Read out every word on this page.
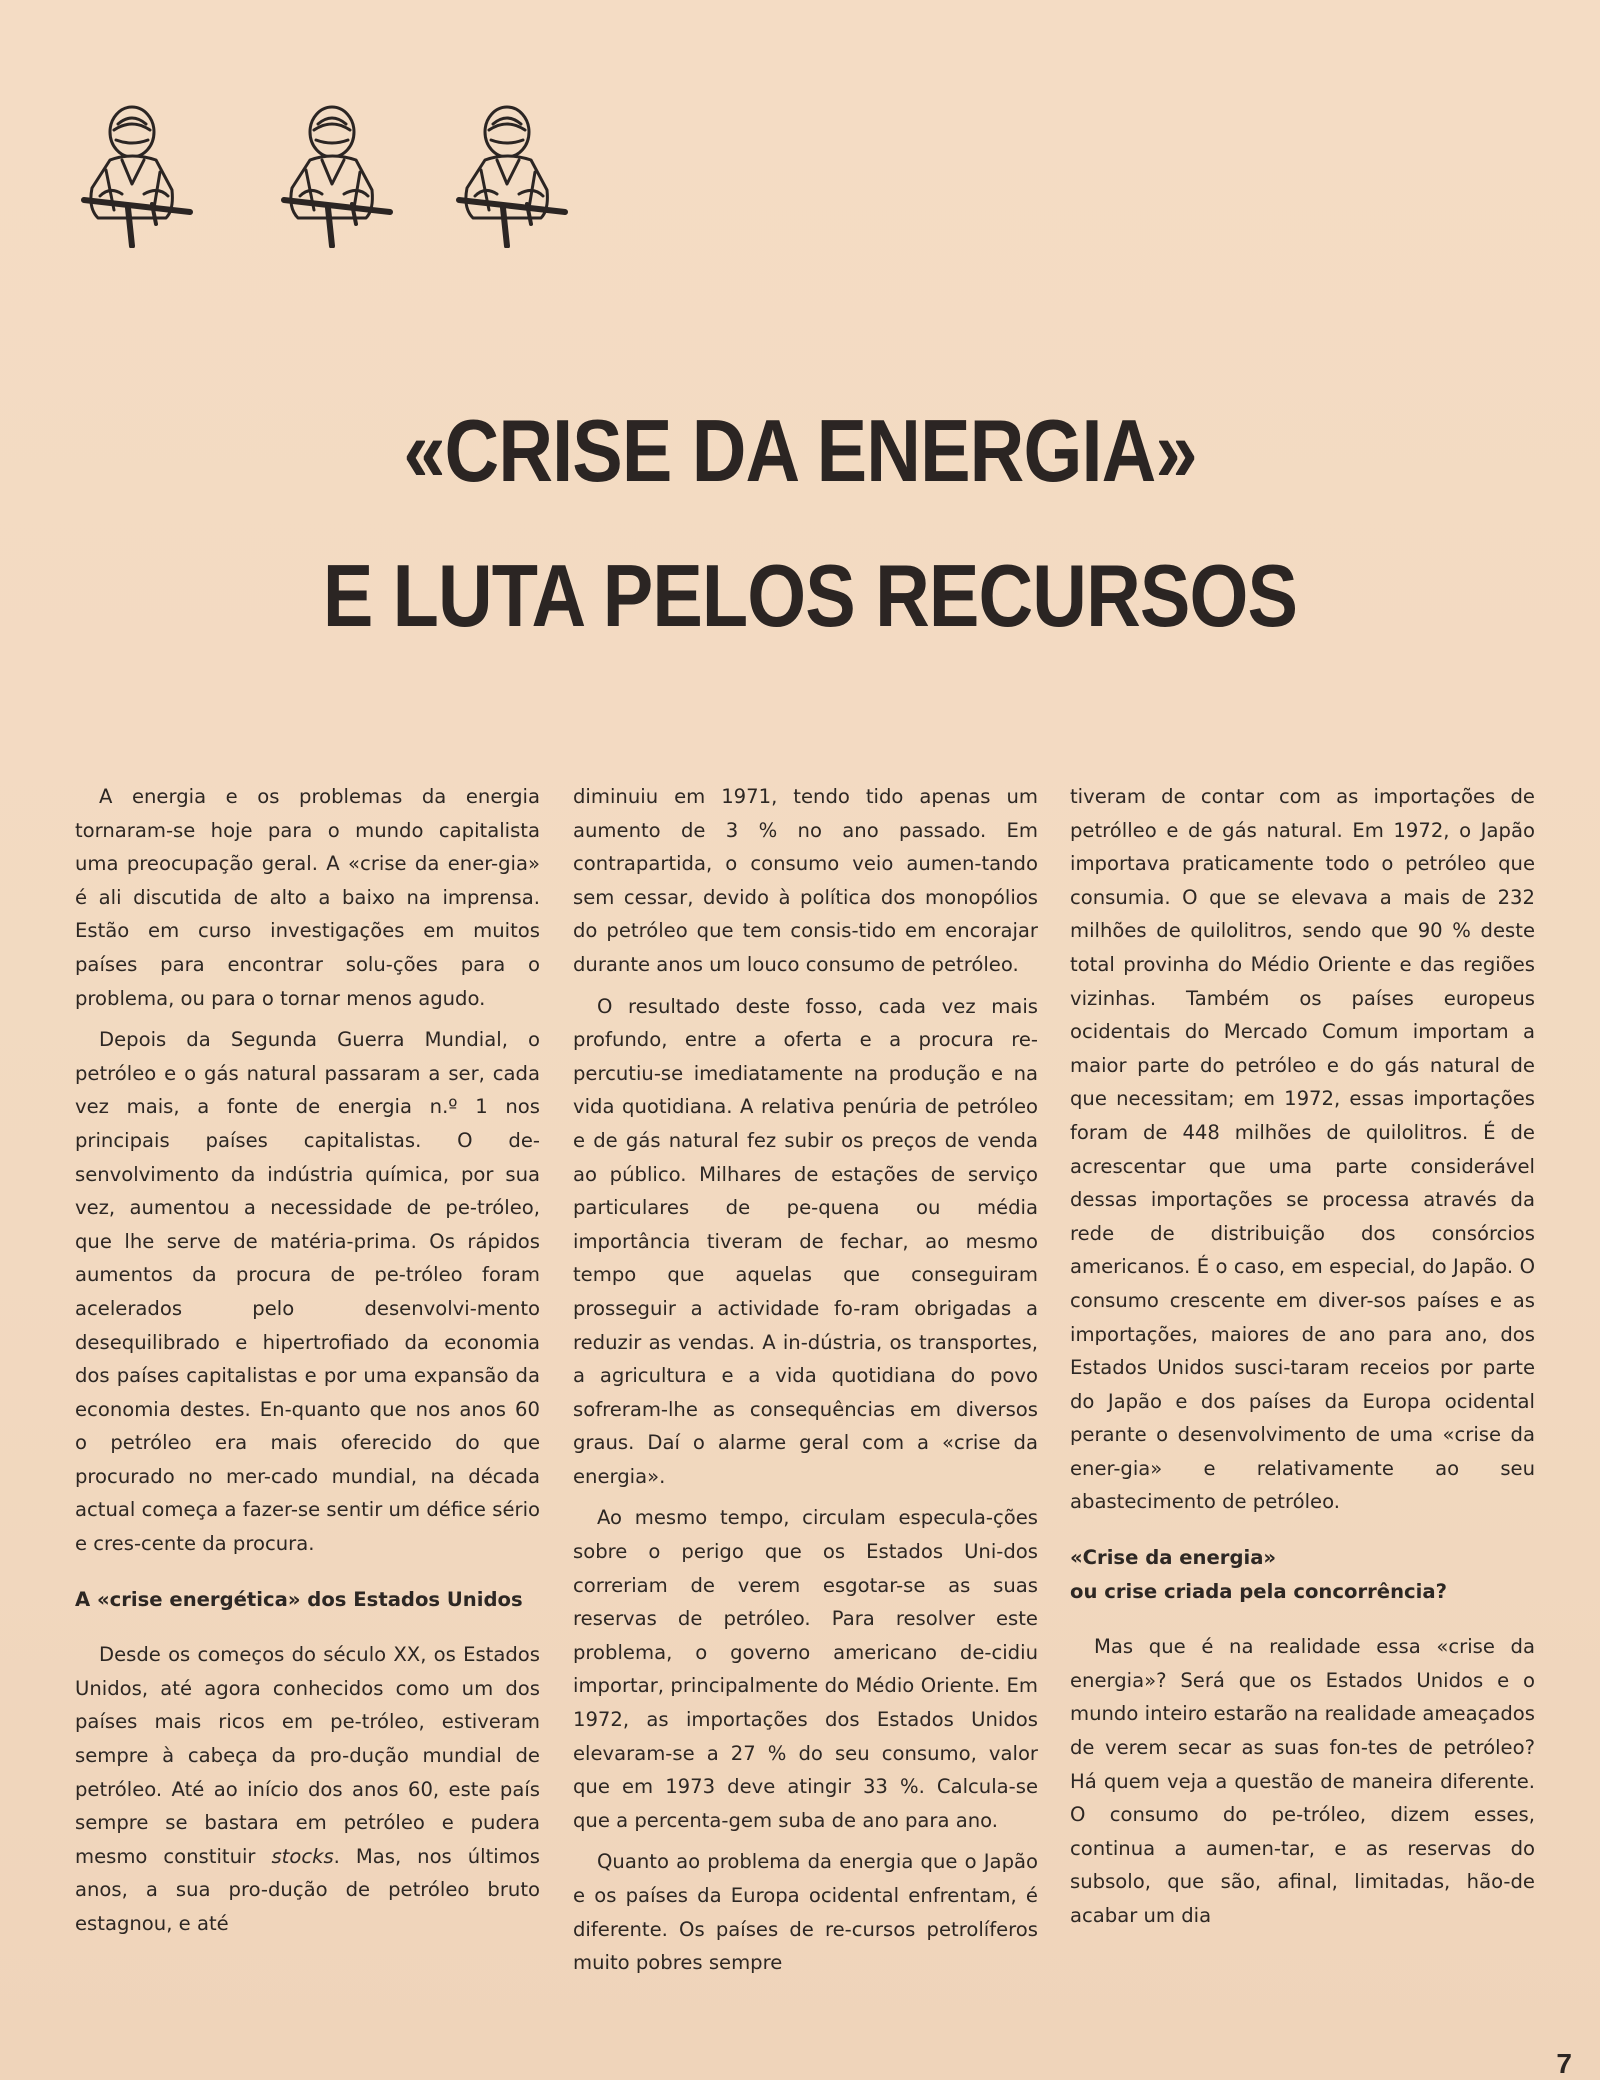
«CRISE DA ENERGIA»
E LUTA PELOS RECURSOS

A energia e os problemas da energia tornaram-se hoje para o mundo capitalista uma preocupação geral. A «crise da ener-gia» é ali discutida de alto a baixo na imprensa. Estão em curso investigações em muitos países para encontrar solu-ções para o problema, ou para o tornar menos agudo.

Depois da Segunda Guerra Mundial, o petróleo e o gás natural passaram a ser, cada vez mais, a fonte de energia n.º 1 nos principais países capitalistas. O de-senvolvimento da indústria química, por sua vez, aumentou a necessidade de pe-tróleo, que lhe serve de matéria-prima. Os rápidos aumentos da procura de pe-tróleo foram acelerados pelo desenvolvi-mento desequilibrado e hipertrofiado da economia dos países capitalistas e por uma expansão da economia destes. En-quanto que nos anos 60 o petróleo era mais oferecido do que procurado no mer-cado mundial, na década actual começa a fazer-se sentir um défice sério e cres-cente da procura.

A «crise energética» dos Estados Unidos

Desde os começos do século XX, os Estados Unidos, até agora conhecidos como um dos países mais ricos em pe-tróleo, estiveram sempre à cabeça da pro-dução mundial de petróleo. Até ao início dos anos 60, este país sempre se bastara em petróleo e pudera mesmo constituir stocks. Mas, nos últimos anos, a sua pro-dução de petróleo bruto estagnou, e até

diminuiu em 1971, tendo tido apenas um aumento de 3 % no ano passado. Em contrapartida, o consumo veio aumen-tando sem cessar, devido à política dos monopólios do petróleo que tem consis-tido em encorajar durante anos um louco consumo de petróleo.

O resultado deste fosso, cada vez mais profundo, entre a oferta e a procura re-percutiu-se imediatamente na produção e na vida quotidiana. A relativa penúria de petróleo e de gás natural fez subir os preços de venda ao público. Milhares de estações de serviço particulares de pe-quena ou média importância tiveram de fechar, ao mesmo tempo que aquelas que conseguiram prosseguir a actividade fo-ram obrigadas a reduzir as vendas. A in-dústria, os transportes, a agricultura e a vida quotidiana do povo sofreram-lhe as consequências em diversos graus. Daí o alarme geral com a «crise da energia».

Ao mesmo tempo, circulam especula-ções sobre o perigo que os Estados Uni-dos correriam de verem esgotar-se as suas reservas de petróleo. Para resolver este problema, o governo americano de-cidiu importar, principalmente do Médio Oriente. Em 1972, as importações dos Estados Unidos elevaram-se a 27 % do seu consumo, valor que em 1973 deve atingir 33 %. Calcula-se que a percenta-gem suba de ano para ano.

Quanto ao problema da energia que o Japão e os países da Europa ocidental enfrentam, é diferente. Os países de re-cursos petrolíferos muito pobres sempre

tiveram de contar com as importações de petrólleo e de gás natural. Em 1972, o Japão importava praticamente todo o petróleo que consumia. O que se elevava a mais de 232 milhões de quilolitros, sendo que 90 % deste total provinha do Médio Oriente e das regiões vizinhas. Também os países europeus ocidentais do Mercado Comum importam a maior parte do petróleo e do gás natural de que necessitam; em 1972, essas importações foram de 448 milhões de quilolitros. É de acrescentar que uma parte considerável dessas importações se processa através da rede de distribuição dos consórcios americanos. É o caso, em especial, do Japão. O consumo crescente em diver-sos países e as importações, maiores de ano para ano, dos Estados Unidos susci-taram receios por parte do Japão e dos países da Europa ocidental perante o desenvolvimento de uma «crise da ener-gia» e relativamente ao seu abastecimento de petróleo.

«Crise da energia»
ou crise criada pela concorrência?

Mas que é na realidade essa «crise da energia»? Será que os Estados Unidos e o mundo inteiro estarão na realidade ameaçados de verem secar as suas fon-tes de petróleo? Há quem veja a questão de maneira diferente. O consumo do pe-tróleo, dizem esses, continua a aumen-tar, e as reservas do subsolo, que são, afinal, limitadas, hão-de acabar um dia

7
